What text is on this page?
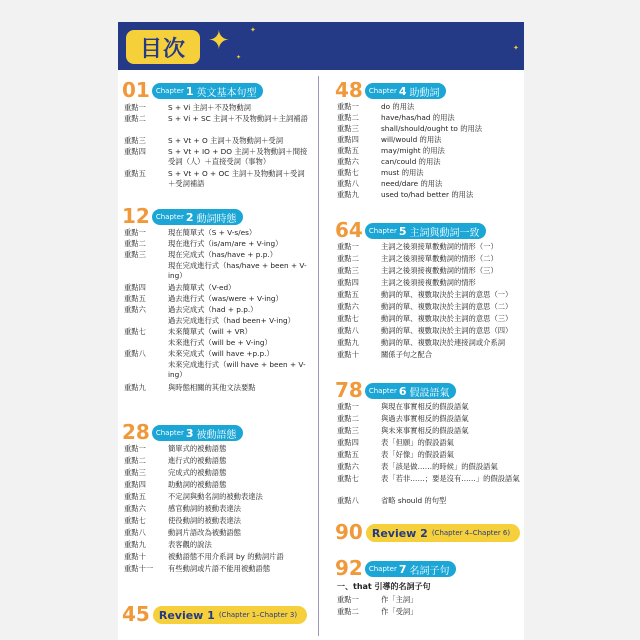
目次 ✦	✦
✦
✦
01 Chapter 1 英文基本句型
重點一	S + Vi 主詞＋不及物動詞
重點二	S + Vi + SC 主詞＋不及物動詞＋主詞補語
重點三	S + Vt + O 主詞＋及物動詞＋受詞
重點四	S + Vt + IO + DO 主詞＋及物動詞＋間接受詞（人）＋直接受詞（事物）
重點五	S + Vt + O + OC 主詞＋及物動詞＋受詞＋受詞補語
12 Chapter 2 動詞時態
重點一	現在簡單式（S + V-s/es）
重點二	現在進行式（is/am/are + V-ing）
重點三	現在完成式（has/have + p.p.）
現在完成進行式（has/have + been + V-ing）
重點四	過去簡單式（V-ed）
重點五	過去進行式（was/were + V-ing）
重點六	過去完成式（had + p.p.）
過去完成進行式（had been+ V-ing）
重點七	未來簡單式（will + VR）
未來進行式（will be + V-ing）
重點八	未來完成式（will have +p.p.）
未來完成進行式（will have + been + V-ing）
重點九	與時態相關的其他文法要點
28 Chapter 3 被動語態
重點一	簡單式的被動語態
重點二	進行式的被動語態
重點三	完成式的被動語態
重點四	助動詞的被動語態
重點五	不定詞與動名詞的被動表達法
重點六	感官動詞的被動表達法
重點七	使役動詞的被動表達法
重點八	動詞片語改為被動語態
重點九	表客觀的說法
重點十	被動語態不用介系詞 by 的動詞片語
重點十一	有些動詞或片語不能用被動語態
45 Review 1 (Chapter 1–Chapter 3)
48 Chapter 4 助動詞
重點一	do 的用法
重點二	have/has/had 的用法
重點三	shall/should/ought to 的用法
重點四	will/would 的用法
重點五	may/might 的用法
重點六	can/could 的用法
重點七	must 的用法
重點八	need/dare 的用法
重點九	used to/had better 的用法
64 Chapter 5 主詞與動詞一致
重點一	主詞之後須接單數動詞的情形（一）
重點二	主詞之後須接單數動詞的情形（二）
重點三	主詞之後須接複數動詞的情形（三）
重點四	主詞之後須接複數動詞的情形
重點五	動詞的單、複數取決於主詞的意思（一）
重點六	動詞的單、複數取決於主詞的意思（二）
重點七	動詞的單、複數取決於主詞的意思（三）
重點八	動詞的單、複數取決於主詞的意思（四）
重點九	動詞的單、複數取決於連接詞或介系詞
重點十	關係子句之配合
78 Chapter 6 假設語氣
重點一	與現在事實相反的假設語氣
重點二	與過去事實相反的假設語氣
重點三	與未來事實相反的假設語氣
重點四	表「但願」的假設語氣
重點五	表「好像」的假設語氣
重點六	表「該是做……的時候」的假設語氣
重點七	表「若非……；要是沒有……」的假設語氣
重點八	省略 should 的句型
90 Review 2 (Chapter 4–Chapter 6)
92 Chapter 7 名詞子句
一、that 引導的名詞子句
重點一	作「主詞」
重點二	作「受詞」
